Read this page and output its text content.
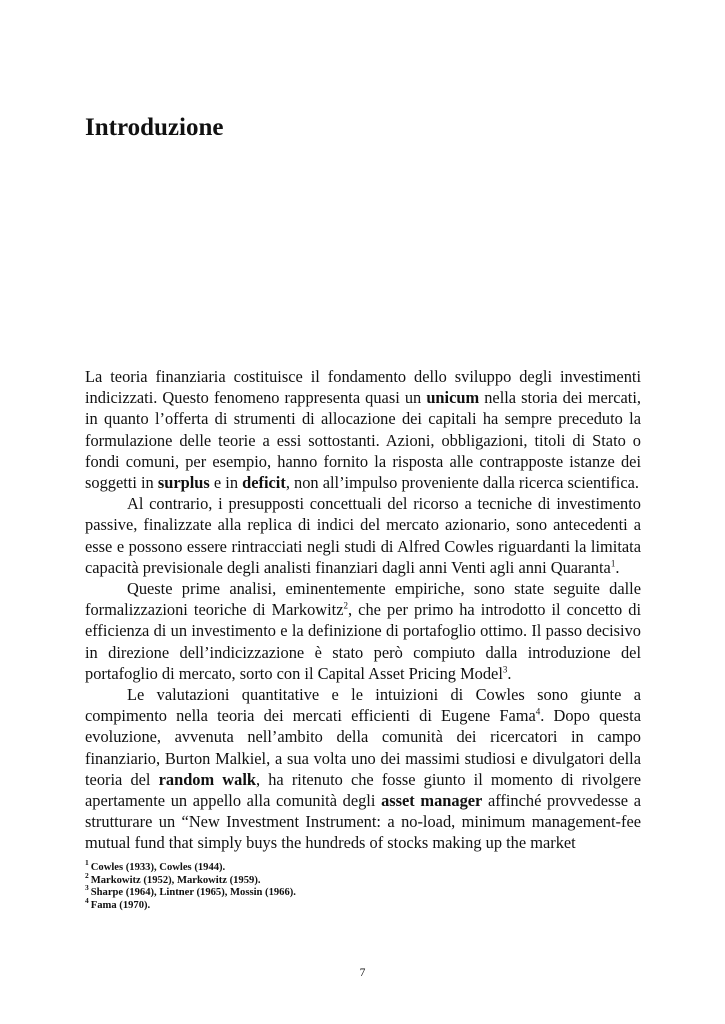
Introduzione

La teoria finanziaria costituisce il fondamento dello sviluppo degli investimenti indicizzati. Questo fenomeno rappresenta quasi un unicum nella storia dei mercati, in quanto l’offerta di strumenti di allocazione dei capitali ha sempre preceduto la formulazione delle teorie a essi sottostanti. Azioni, obbligazioni, titoli di Stato o fondi comuni, per esempio, hanno fornito la risposta alle contrapposte istanze dei soggetti in surplus e in deficit, non all’impulso proveniente dalla ricerca scientifica.

Al contrario, i presupposti concettuali del ricorso a tecniche di investimento passive, finalizzate alla replica di indici del mercato azionario, sono antecedenti a esse e possono essere rintracciati negli studi di Alfred Cowles riguardanti la limitata capacità previsionale degli analisti finanziari dagli anni Venti agli anni Quaranta$^1$.

Queste prime analisi, eminentemente empiriche, sono state seguite dalle formalizzazioni teoriche di Markowitz$^2$, che per primo ha introdotto il concetto di efficienza di un investimento e la definizione di portafoglio ottimo. Il passo decisivo in direzione dell’indicizzazione è stato però compiuto dalla introduzione del portafoglio di mercato, sorto con il Capital Asset Pricing Model$^3$.

Le valutazioni quantitative e le intuizioni di Cowles sono giunte a compimento nella teoria dei mercati efficienti di Eugene Fama$^4$. Dopo questa evoluzione, avvenuta nell’ambito della comunità dei ricercatori in campo finanziario, Burton Malkiel, a sua volta uno dei massimi studiosi e divulgatori della teoria del random walk, ha ritenuto che fosse giunto il momento di rivolgere apertamente un appello alla comunità degli asset manager affinché provvedesse a strutturare un “New Investment Instrument: a no-load, minimum management-fee mutual fund that simply buys the hundreds of stocks making up the market

$^1$ Cowles (1933), Cowles (1944).
$^2$ Markowitz (1952), Markowitz (1959).
$^3$ Sharpe (1964), Lintner (1965), Mossin (1966).
$^4$ Fama (1970).
7
